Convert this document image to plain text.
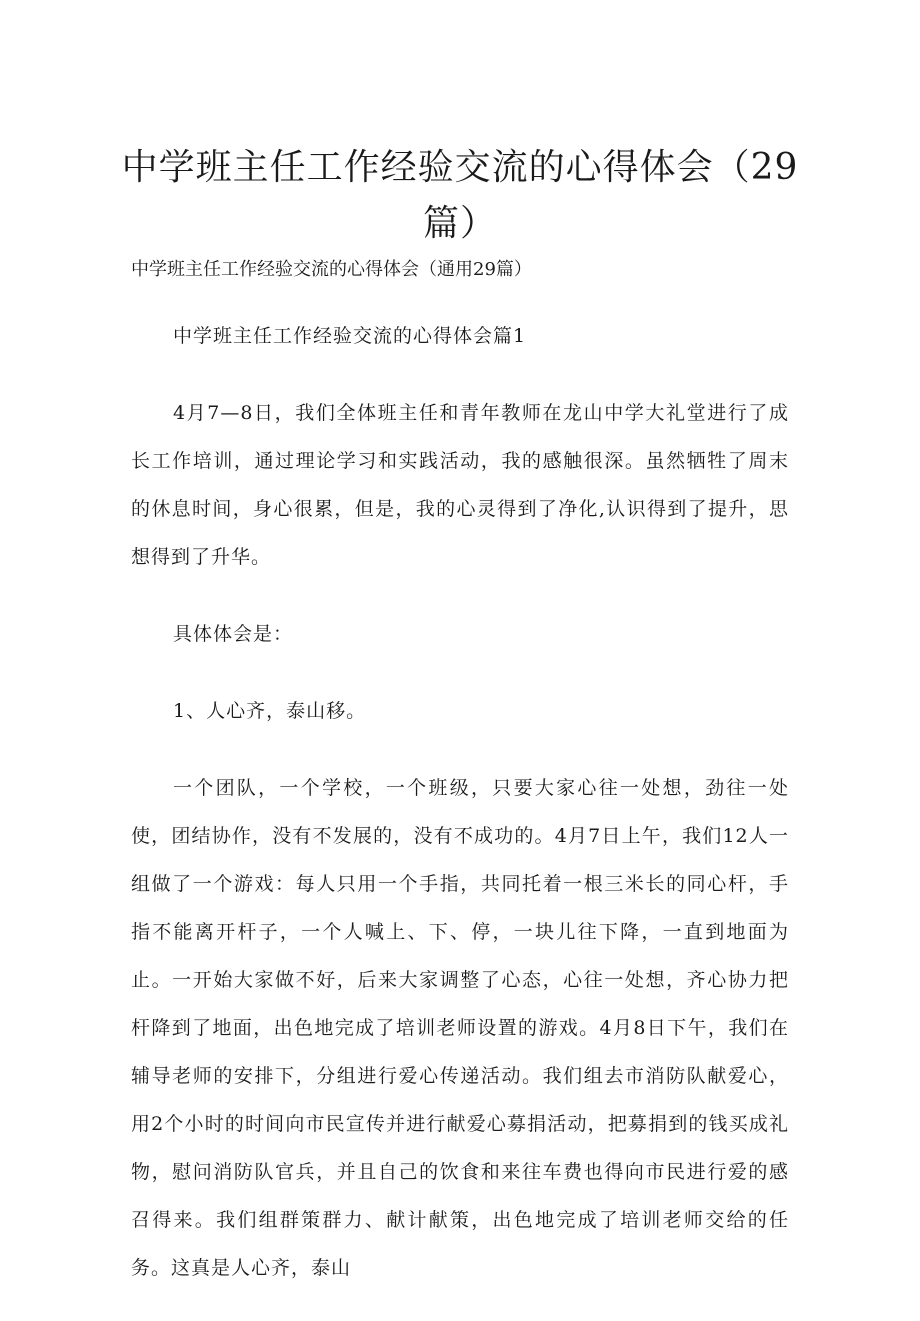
中学班主任工作经验交流的心得体会（29篇）

中学班主任工作经验交流的心得体会（通用29篇）

中学班主任工作经验交流的心得体会篇1

4月7—8日，我们全体班主任和青年教师在龙山中学大礼堂进行了成长工作培训，通过理论学习和实践活动，我的感触很深。虽然牺牲了周末的休息时间，身心很累，但是，我的心灵得到了净化,认识得到了提升，思想得到了升华。

具体体会是：

1、人心齐，泰山移。

一个团队，一个学校，一个班级，只要大家心往一处想，劲往一处使，团结协作，没有不发展的，没有不成功的。4月7日上午，我们12人一组做了一个游戏：每人只用一个手指，共同托着一根三米长的同心杆，手指不能离开杆子，一个人喊上、下、停，一块儿往下降，一直到地面为止。一开始大家做不好，后来大家调整了心态，心往一处想，齐心协力把杆降到了地面，出色地完成了培训老师设置的游戏。4月8日下午，我们在辅导老师的安排下，分组进行爱心传递活动。我们组去市消防队献爱心，用2个小时的时间向市民宣传并进行献爱心募捐活动，把募捐到的钱买成礼物，慰问消防队官兵，并且自己的饮食和来往车费也得向市民进行爱的感召得来。我们组群策群力、献计献策，出色地完成了培训老师交给的任务。这真是人心齐，泰山
